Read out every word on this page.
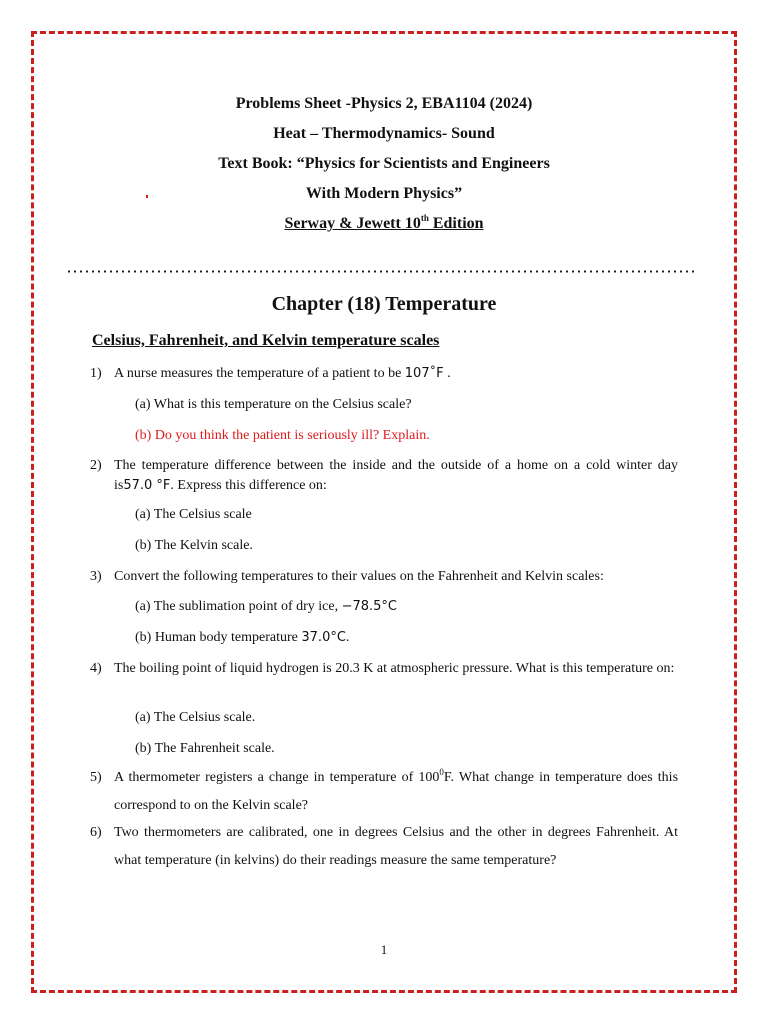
Problems Sheet -Physics 2, EBA1104 (2024)
Heat – Thermodynamics- Sound
Text Book: “Physics for Scientists and Engineers
With Modern Physics”
Serway & Jewett 10th Edition
Chapter (18) Temperature
Celsius, Fahrenheit, and Kelvin temperature scales
1) A nurse measures the temperature of a patient to be 107˚F .
(a) What is this temperature on the Celsius scale?
(b) Do you think the patient is seriously ill? Explain.
2) The temperature difference between the inside and the outside of a home on a cold winter day is57.0 °F. Express this difference on:
(a) The Celsius scale
(b) The Kelvin scale.
3) Convert the following temperatures to their values on the Fahrenheit and Kelvin scales:
(a) The sublimation point of dry ice, −78.5°C
(b) Human body temperature 37.0°C.
4) The boiling point of liquid hydrogen is 20.3 K at atmospheric pressure. What is this temperature on:
(a) The Celsius scale.
(b) The Fahrenheit scale.
5) A thermometer registers a change in temperature of $100^0F$. What change in temperature does this correspond to on the Kelvin scale?
6) Two thermometers are calibrated, one in degrees Celsius and the other in degrees Fahrenheit. At what temperature (in kelvins) do their readings measure the same temperature?
1
